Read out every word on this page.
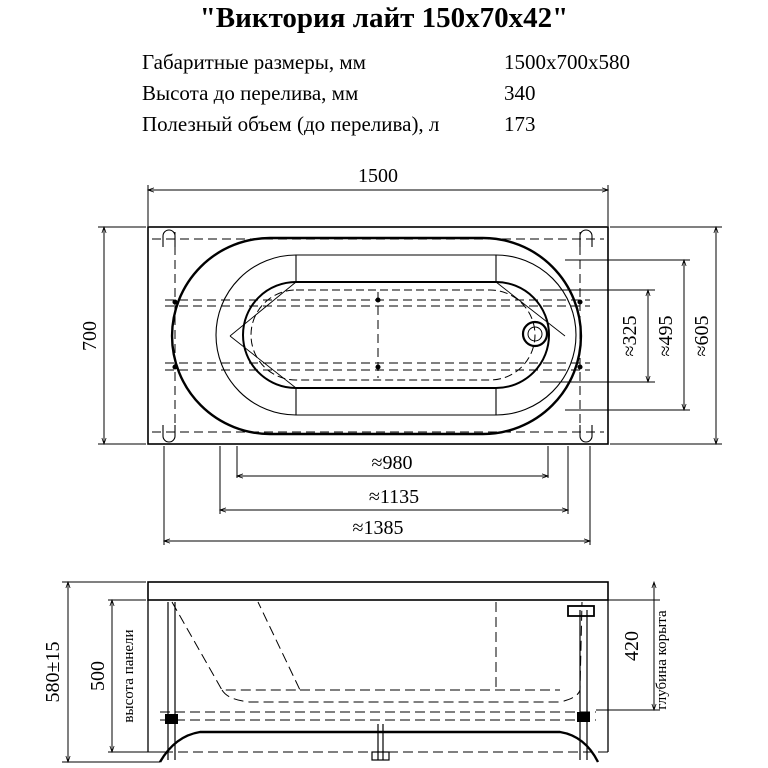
"Виктория лайт 150х70х42"
Габаритные размеры, мм	1500х700х580
Высота до перелива, мм	340
Полезный объем (до перелива), л	173
1500
700
≈980
≈1135
≈1385
≈325 ≈495 ≈605
580±15 500 высота панели	420 глубина корыта
